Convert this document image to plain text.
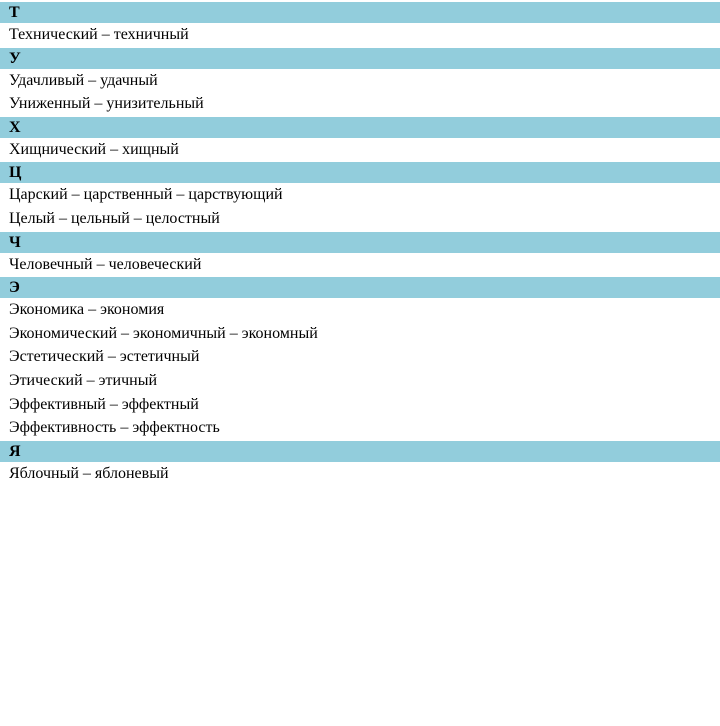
Т
Технический – техничный
У
Удачливый – удачный
Униженный – унизительный
Х
Хищнический – хищный
Ц
Царский – царственный – царствующий
Целый – цельный – целостный
Ч
Человечный – человеческий
Э
Экономика – экономия
Экономический – экономичный – экономный
Эстетический – эстетичный
Этический – этичный
Эффективный – эффектный
Эффективность – эффектность
Я
Яблочный – яблоневый
